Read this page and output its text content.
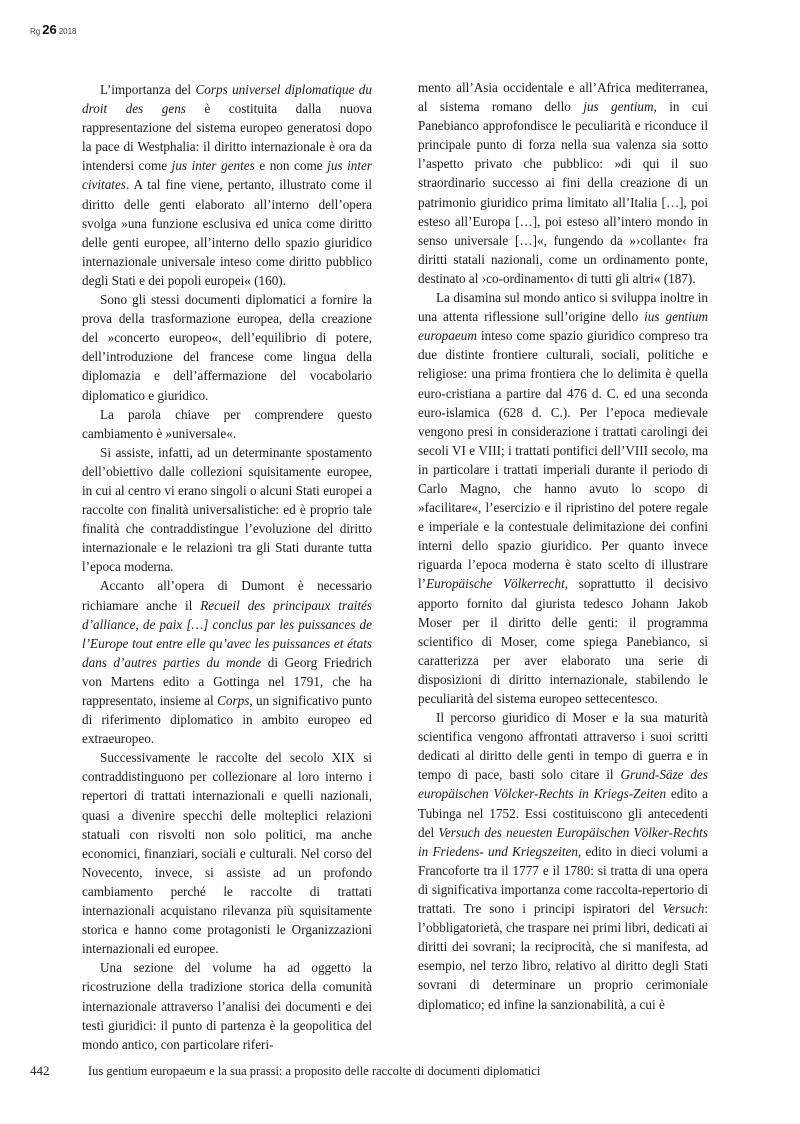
Rg 26 2018

L’importanza del Corps universel diplomatique du droit des gens è costituita dalla nuova rappresentazione del sistema europeo generatosi dopo la pace di Westphalia: il diritto internazionale è ora da intendersi come jus inter gentes e non come jus inter civitates. A tal fine viene, pertanto, illustrato come il diritto delle genti elaborato all’interno dell’opera svolga »una funzione esclusiva ed unica come diritto delle genti europee, all’interno dello spazio giuridico internazionale universale inteso come diritto pubblico degli Stati e dei popoli europei« (160).

Sono gli stessi documenti diplomatici a fornire la prova della trasformazione europea, della creazione del »concerto europeo«, dell’equilibrio di potere, dell’introduzione del francese come lingua della diplomazia e dell’affermazione del vocabolario diplomatico e giuridico.

La parola chiave per comprendere questo cambiamento è »universale«.

Si assiste, infatti, ad un determinante spostamento dell’obiettivo dalle collezioni squisitamente europee, in cui al centro vi erano singoli o alcuni Stati europei a raccolte con finalità universalistiche: ed è proprio tale finalità che contraddistingue l’evoluzione del diritto internazionale e le relazioni tra gli Stati durante tutta l’epoca moderna.

Accanto all’opera di Dumont è necessario richiamare anche il Recueil des principaux traités d’alliance, de paix […] conclus par les puissances de l’Europe tout entre elle qu’avec les puissances et états dans d’autres parties du monde di Georg Friedrich von Martens edito a Gottinga nel 1791, che ha rappresentato, insieme al Corps, un significativo punto di riferimento diplomatico in ambito europeo ed extraeuropeo.

Successivamente le raccolte del secolo XIX si contraddistinguono per collezionare al loro interno i repertori di trattati internazionali e quelli nazionali, quasi a divenire specchi delle molteplici relazioni statuali con risvolti non solo politici, ma anche economici, finanziari, sociali e culturali. Nel corso del Novecento, invece, si assiste ad un profondo cambiamento perché le raccolte di trattati internazionali acquistano rilevanza più squisitamente storica e hanno come protagonisti le Organizzazioni internazionali ed europee.

Una sezione del volume ha ad oggetto la ricostruzione della tradizione storica della comunità internazionale attraverso l’analisi dei documenti e dei testi giuridici: il punto di partenza è la geopolitica del mondo antico, con particolare riferi-

mento all’Asia occidentale e all’Africa mediterranea, al sistema romano dello jus gentium, in cui Panebianco approfondisce le peculiarità e riconduce il principale punto di forza nella sua valenza sia sotto l’aspetto privato che pubblico: »di qui il suo straordinario successo ai fini della creazione di un patrimonio giuridico prima limitato all’Italia […], poi esteso all’Europa […], poi esteso all’intero mondo in senso universale […]«, fungendo da »›collante‹ fra diritti statali nazionali, come un ordinamento ponte, destinato al ›co-ordinamento‹ di tutti gli altri« (187).

La disamina sul mondo antico si sviluppa inoltre in una attenta riflessione sull’origine dello ius gentium europaeum inteso come spazio giuridico compreso tra due distinte frontiere culturali, sociali, politiche e religiose: una prima frontiera che lo delimita è quella euro-cristiana a partire dal 476 d. C. ed una seconda euro-islamica (628 d. C.). Per l’epoca medievale vengono presi in considerazione i trattati carolingi dei secoli VI e VIII; i trattati pontifici dell’VIII secolo, ma in particolare i trattati imperiali durante il periodo di Carlo Magno, che hanno avuto lo scopo di »facilitare«, l’esercizio e il ripristino del potere regale e imperiale e la contestuale delimitazione dei confini interni dello spazio giuridico. Per quanto invece riguarda l’epoca moderna è stato scelto di illustrare l’Europäische Völkerrecht, soprattutto il decisivo apporto fornito dal giurista tedesco Johann Jakob Moser per il diritto delle genti: il programma scientifico di Moser, come spiega Panebianco, si caratterizza per aver elaborato una serie di disposizioni di diritto internazionale, stabilendo le peculiarità del sistema europeo settecentesco.

Il percorso giuridico di Moser e la sua maturità scientifica vengono affrontati attraverso i suoi scritti dedicati al diritto delle genti in tempo di guerra e in tempo di pace, basti solo citare il Grund-Säze des europäischen Völcker-Rechts in Kriegs-Zeiten edito a Tubinga nel 1752. Essi costituiscono gli antecedenti del Versuch des neuesten Europäischen Völker-Rechts in Friedens- und Kriegszeiten, edito in dieci volumi a Francoforte tra il 1777 e il 1780: si tratta di una opera di significativa importanza come raccolta-repertorio di trattati. Tre sono i principi ispiratori del Versuch: l’obbligatorietà, che traspare nei primi libri, dedicati ai diritti dei sovrani; la reciprocità, che si manifesta, ad esempio, nel terzo libro, relativo al diritto degli Stati sovrani di determinare un proprio cerimoniale diplomatico; ed infine la sanzionabilità, a cui è

442	Ius gentium europaeum e la sua prassi: a proposito delle raccolte di documenti diplomatici
